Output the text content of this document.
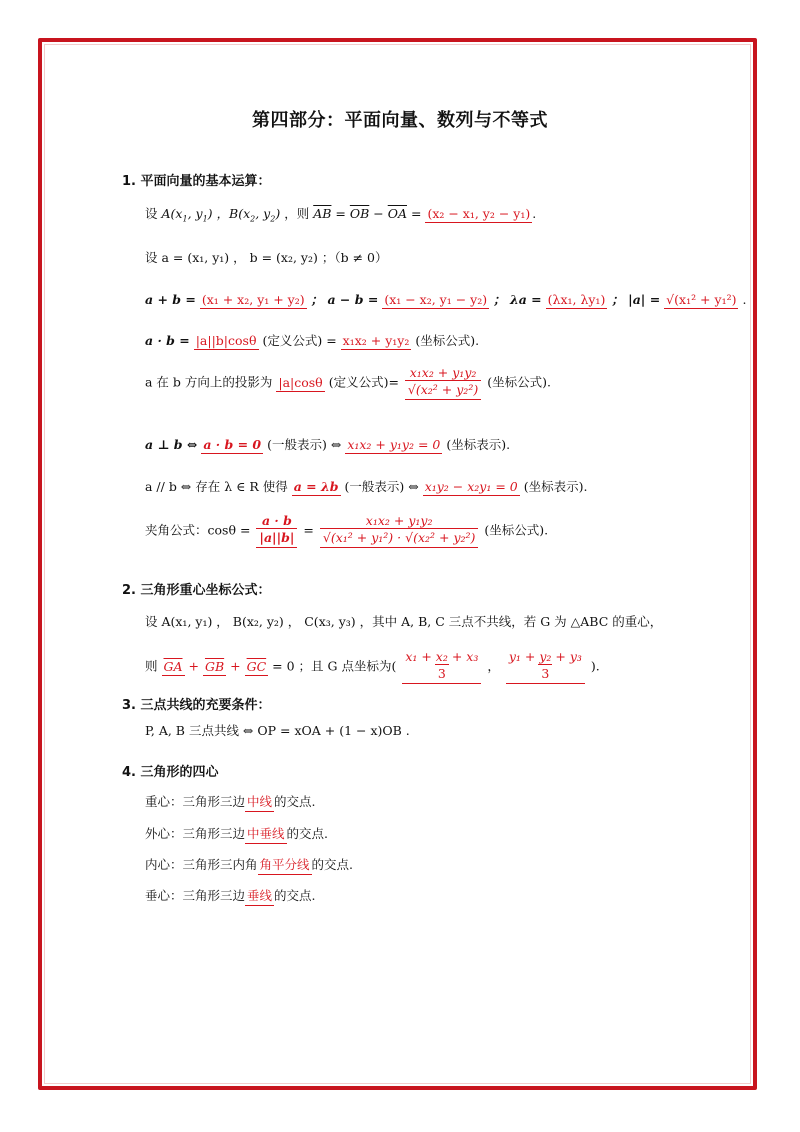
第四部分：平面向量、数列与不等式
1. 平面向量的基本运算：
设 $A(x_1$, $y_1$) ，$B(x_2$, $y_2$) ，则 $\overline{AB} = \overline{OB} - \overline{OA} = (x_2 - x_1$, y₂ − y₁) .
设 a = (x₁, y₁) ， b = (x₂, y₂) ；（b ≠ 0）
a + b = (x₁ + x₂, y₁ + y₂) ； a − b = (x₁ − x₂, y₁ − y₂) ； λa = (λx₁, λy₁) ； |a| = √(x₁² + y₁²) .
a · b = |a||b|cosθ (定义公式) = x₁x₂ + y₁y₂ (坐标公式).
a 在 b 方向上的投影为 |a|cosθ (定义公式)= $\frac{\text{x₁x₂ + y₁y₂}}{\text{√(x₂² + y₂²)}}$ (坐标公式).
a ⊥ b ⇔ a · b = 0 (一般表示) ⇔ x₁x₂ + y₁y₂ = 0 (坐标表示).
a // b ⇔ 存在 λ ∈ R 使得 a = λb (一般表示) ⇔ x₁y₂ − x₂y₁ = 0 (坐标表示).
夹角公式：$\cos\theta = \frac{a \cdot b}{|a||b|} = \frac{\text{x₁x₂ + y₁y₂}}{\text{√(x₁² + y₁²) · √(x₂² + y₂²)}}$ (坐标公式).
2. 三角形重心坐标公式：
设 A(x₁, y₁) ， B(x₂, y₂) ， C(x₃, y₃) ，其中 A, B, C 三点不共线，若 G 为 △ABC 的重心，
则 $\overline{GA} + \overline{GB} + \overline{GC} = 0$ ；且 G 点坐标为( $\frac{\text{x₁ + x₂ + x₃}}{3}$ ， $\frac{\text{y₁ + y₂ + y₃}}{3}$ ).
3. 三点共线的充要条件：
P, A, B 三点共线 ⇔ OP = xOA + (1 − x)OB .
4. 三角形的四心
重心：三角形三边 中线 的交点.
外心：三角形三边 中垂线 的交点.
内心：三角形三内角 角平分线 的交点.
垂心：三角形三边 垂线 的交点.
